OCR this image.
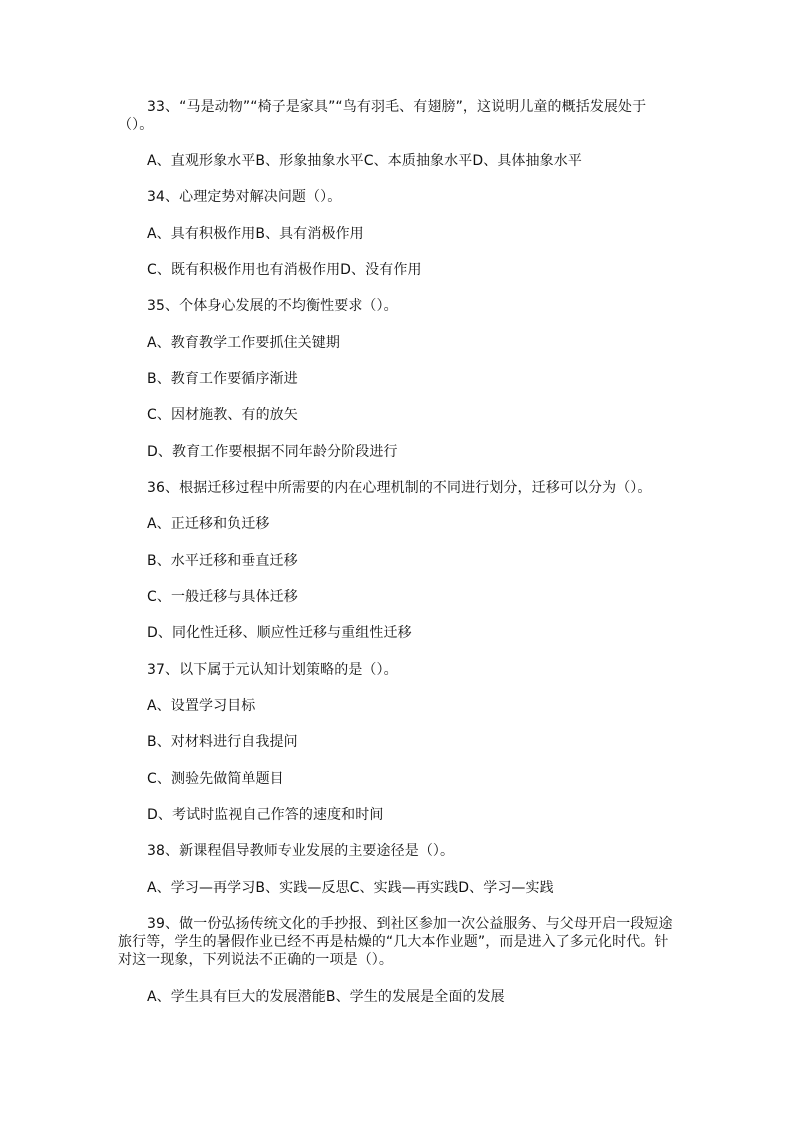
33、“马是动物”“椅子是家具”“鸟有羽毛、有翅膀”，这说明儿童的概括发展处于（）。
A、直观形象水平B、形象抽象水平C、本质抽象水平D、具体抽象水平
34、心理定势对解决问题（）。
A、具有积极作用B、具有消极作用
C、既有积极作用也有消极作用D、没有作用
35、个体身心发展的不均衡性要求（）。
A、教育教学工作要抓住关键期
B、教育工作要循序渐进
C、因材施教、有的放矢
D、教育工作要根据不同年龄分阶段进行
36、根据迁移过程中所需要的内在心理机制的不同进行划分，迁移可以分为（）。
A、正迁移和负迁移
B、水平迁移和垂直迁移
C、一般迁移与具体迁移
D、同化性迁移、顺应性迁移与重组性迁移
37、以下属于元认知计划策略的是（）。
A、设置学习目标
B、对材料进行自我提问
C、测验先做简单题目
D、考试时监视自己作答的速度和时间
38、新课程倡导教师专业发展的主要途径是（）。
A、学习—再学习B、实践—反思C、实践—再实践D、学习—实践
39、做一份弘扬传统文化的手抄报、到社区参加一次公益服务、与父母开启一段短途旅行等，学生的暑假作业已经不再是枯燥的“几大本作业题”，而是进入了多元化时代。针对这一现象，下列说法不正确的一项是（）。
A、学生具有巨大的发展潜能B、学生的发展是全面的发展
